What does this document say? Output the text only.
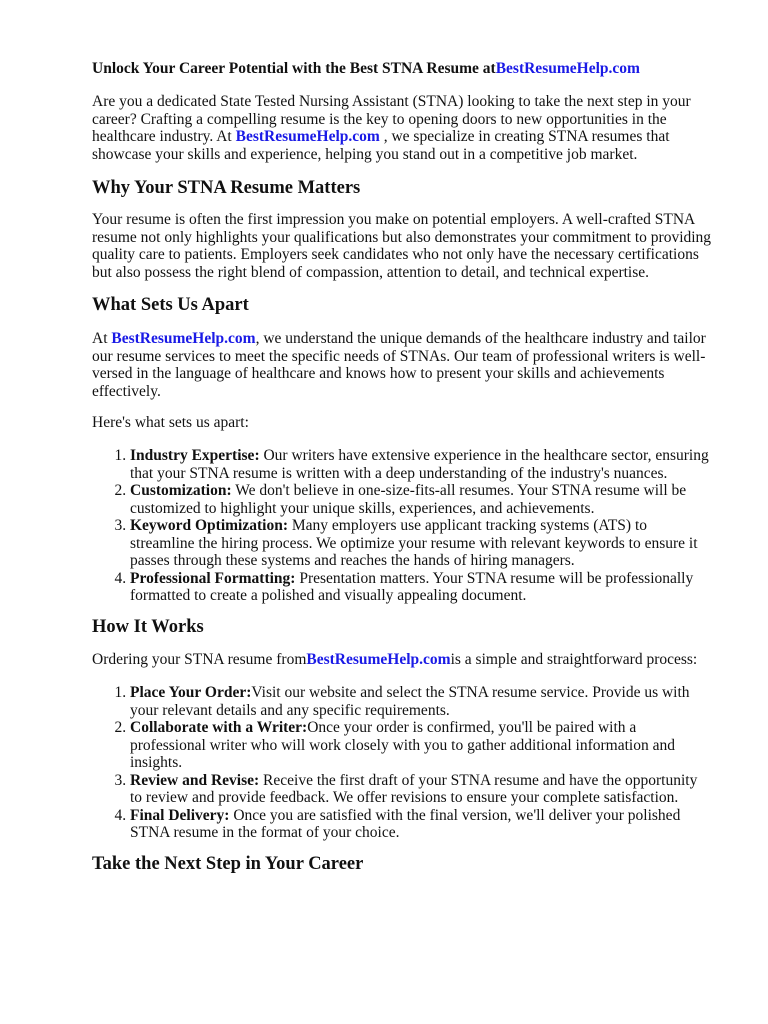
Unlock Your Career Potential with the Best STNA Resume atBestResumeHelp.com

Are you a dedicated State Tested Nursing Assistant (STNA) looking to take the next step in your career? Crafting a compelling resume is the key to opening doors to new opportunities in the healthcare industry. At BestResumeHelp.com , we specialize in creating STNA resumes that showcase your skills and experience, helping you stand out in a competitive job market.

Why Your STNA Resume Matters

Your resume is often the first impression you make on potential employers. A well-crafted STNA resume not only highlights your qualifications but also demonstrates your commitment to providing quality care to patients. Employers seek candidates who not only have the necessary certifications but also possess the right blend of compassion, attention to detail, and technical expertise.

What Sets Us Apart

At BestResumeHelp.com, we understand the unique demands of the healthcare industry and tailor our resume services to meet the specific needs of STNAs. Our team of professional writers is well-versed in the language of healthcare and knows how to present your skills and achievements effectively.

Here's what sets us apart:

1. Industry Expertise: Our writers have extensive experience in the healthcare sector, ensuring that your STNA resume is written with a deep understanding of the industry's nuances.
2. Customization: We don't believe in one-size-fits-all resumes. Your STNA resume will be customized to highlight your unique skills, experiences, and achievements.
3. Keyword Optimization: Many employers use applicant tracking systems (ATS) to streamline the hiring process. We optimize your resume with relevant keywords to ensure it passes through these systems and reaches the hands of hiring managers.
4. Professional Formatting: Presentation matters. Your STNA resume will be professionally formatted to create a polished and visually appealing document.
How It Works

Ordering your STNA resume fromBestResumeHelp.comis a simple and straightforward process:

1. Place Your Order:Visit our website and select the STNA resume service. Provide us with your relevant details and any specific requirements.
2. Collaborate with a Writer:Once your order is confirmed, you'll be paired with a professional writer who will work closely with you to gather additional information and insights.
3. Review and Revise: Receive the first draft of your STNA resume and have the opportunity to review and provide feedback. We offer revisions to ensure your complete satisfaction.
4. Final Delivery: Once you are satisfied with the final version, we'll deliver your polished STNA resume in the format of your choice.
Take the Next Step in Your Career
